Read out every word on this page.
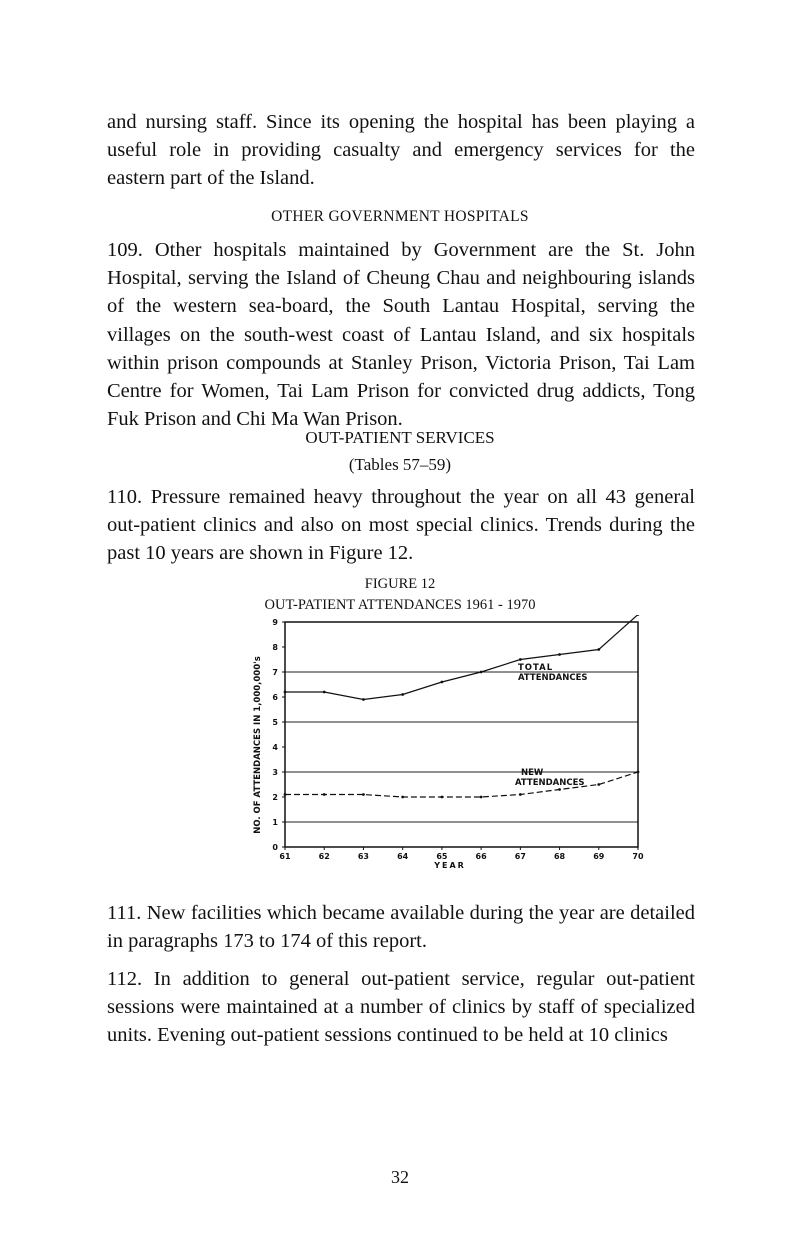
and nursing staff. Since its opening the hospital has been playing a useful role in providing casualty and emergency services for the eastern part of the Island.

OTHER GOVERNMENT HOSPITALS

109. Other hospitals maintained by Government are the St. John Hospital, serving the Island of Cheung Chau and neighbouring islands of the western sea-board, the South Lantau Hospital, serving the villages on the south-west coast of Lantau Island, and six hospitals within prison compounds at Stanley Prison, Victoria Prison, Tai Lam Centre for Women, Tai Lam Prison for convicted drug addicts, Tong Fuk Prison and Chi Ma Wan Prison.

OUT-PATIENT SERVICES

(Tables 57–59)

110. Pressure remained heavy throughout the year on all 43 general out-patient clinics and also on most special clinics. Trends during the past 10 years are shown in Figure 12.

FIGURE 12

OUT-PATIENT ATTENDANCES 1961 - 1970

0
1
2
3
4
5
6
7
8
9
61	62	63	64	65	66	67	68	69	70
NO. OF ATTENDANCES IN 1,000,000's
YEAR
TOTAL
ATTENDANCES
NEW
ATTENDANCES

111. New facilities which became available during the year are detailed in paragraphs 173 to 174 of this report.

112. In addition to general out-patient service, regular out-patient sessions were maintained at a number of clinics by staff of specialized units. Evening out-patient sessions continued to be held at 10 clinics

32
